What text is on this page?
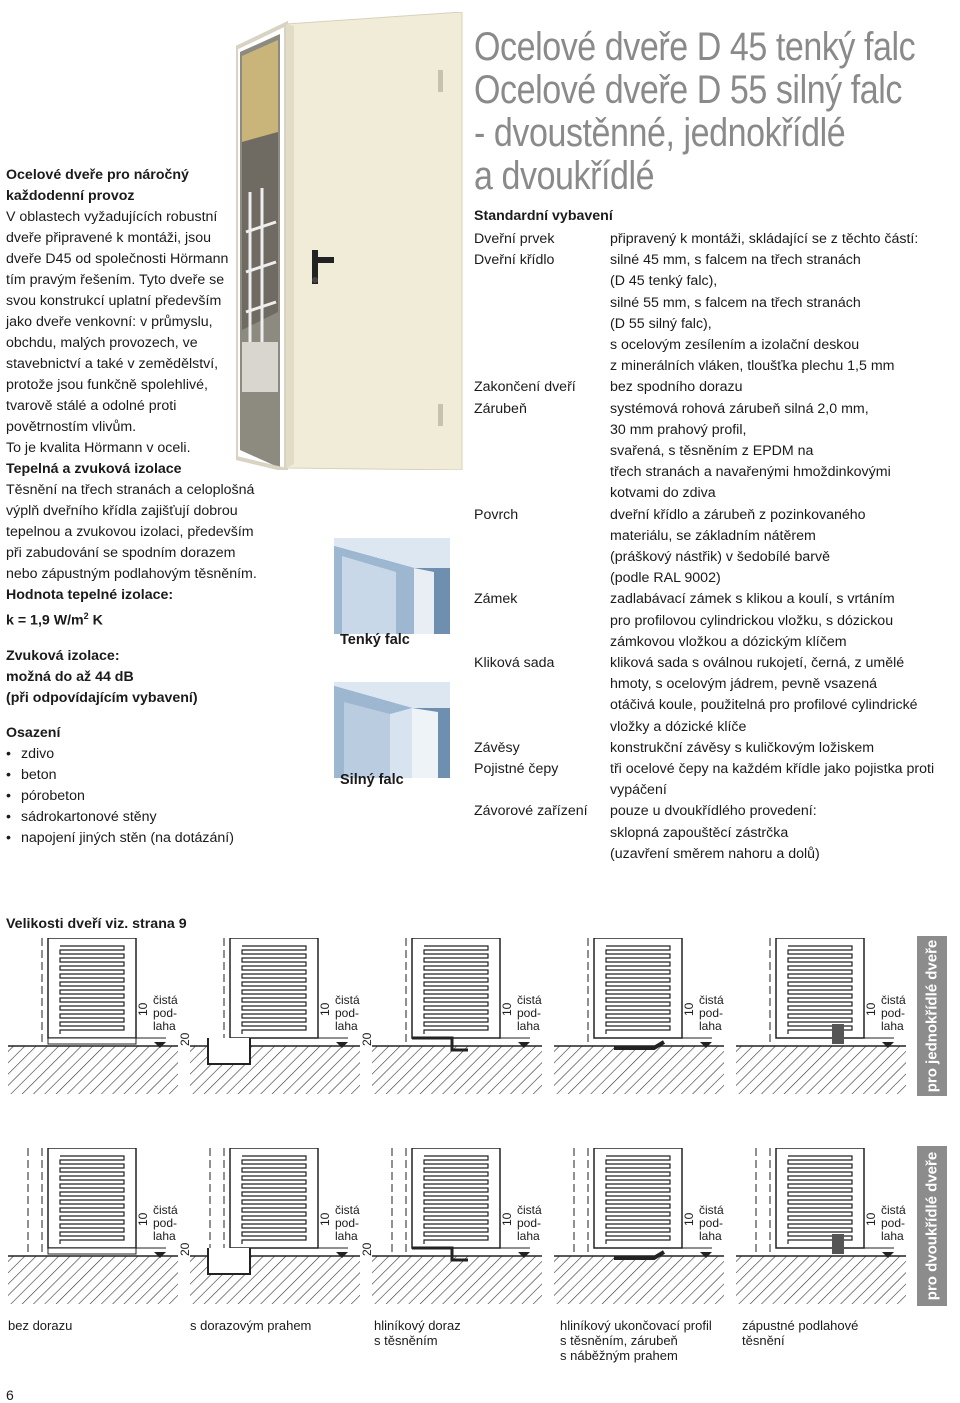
Ocelové dveře pro náročný každodenní provoz

V oblastech vyžadujících robustní dveře připravené k montáži, jsou dveře D45 od společnosti Hörmann tím pravým řešením. Tyto dveře se svou konstrukcí uplatní především jako dveře venkovní: v průmyslu, obchdu, malých provozech, ve stavebnictví a také v zemědělství, protože jsou funkčně spolehlivé, tvarově stálé a odolné proti povětrnostím vlivům.

To je kvalita Hörmann v oceli.

Tepelná a zvuková izolace

Těsnění na třech stranách a celoplošná výplň dveřního křídla zajišťují dobrou tepelnou a zvukovou izolaci, především při zabudování se spodním dorazem nebo zápustným podlahovým těsněním.

Hodnota tepelné izolace:

k = 1,9 $W/m^2$ K

Zvuková izolace:

možná do až 44 dB

(při odpovídajícím vybavení)

Osazení

• zdivo
• beton
• pórobeton
• sádrokartonové stěny
• napojení jiných stěn (na dotázání)
Tenký falc
Silný falc
Ocelové dveře D 45 tenký falc
Ocelové dveře D 55 silný falc
- dvoustěnné, jednokřídlé
a dvoukřídlé
Standardní vybavení
Dveřní prvek	připravený k montáži, skládající se z těchto částí:
Dveřní křídlo	silné 45 mm, s falcem na třech stranách
(D 45 tenký falc),
silné 55 mm, s falcem na třech stranách
(D 55 silný falc),
s ocelovým zesílením a izolační deskou
z minerálních vláken, tloušťka plechu 1,5 mm
Zakončení dveří	bez spodního dorazu
Zárubeň	systémová rohová zárubeň silná 2,0 mm,
30 mm prahový profil,
svařená, s těsněním z EPDM na
třech stranách a navařenými hmoždinkovými
kotvami do zdiva
Povrch	dveřní křídlo a zárubeň z pozinkovaného
materiálu, se základním nátěrem
(práškový nástřik) v šedobílé barvě
(podle RAL 9002)
Zámek	zadlabávací zámek s klikou a koulí, s vrtáním
pro profilovou cylindrickou vložku, s dózickou
zámkovou vložkou a dózickým klíčem
Kliková sada	kliková sada s oválnou rukojetí, černá, z umělé
hmoty, s ocelovým jádrem, pevně vsazená
otáčivá koule, použitelná pro profilové cylindrické
vložky a dózické klíče
Závěsy	konstrukční závěsy s kuličkovým ložiskem
Pojistné čepy	tři ocelové čepy na každém křídle jako pojistka proti
vypáčení
Závorové zařízení	pouze u dvoukřídlého provedení:
sklopná zapouštěcí zástrčka
(uzavření směrem nahoru a dolů)
Velikosti dveří viz. strana 9
čistá
pod-
laha
10
čistá
pod-
laha
10
20
čistá
pod-
laha
10
20
čistá
pod-
laha
10
čistá
pod-
laha
10
čistá
pod-
laha
10
čistá
pod-
laha
10
20
čistá
pod-
laha
10
20
čistá
pod-
laha
10
čistá
pod-
laha
10
pro jednokřídlé dveře
pro dvoukřídlé dveře
bez dorazu	s dorazovým prahem	hliníkový doraz
s těsněním
hliníkový ukončovací profil
s těsněním, zárubeň
s náběžným prahem
zápustné podlahové
těsnění
6
